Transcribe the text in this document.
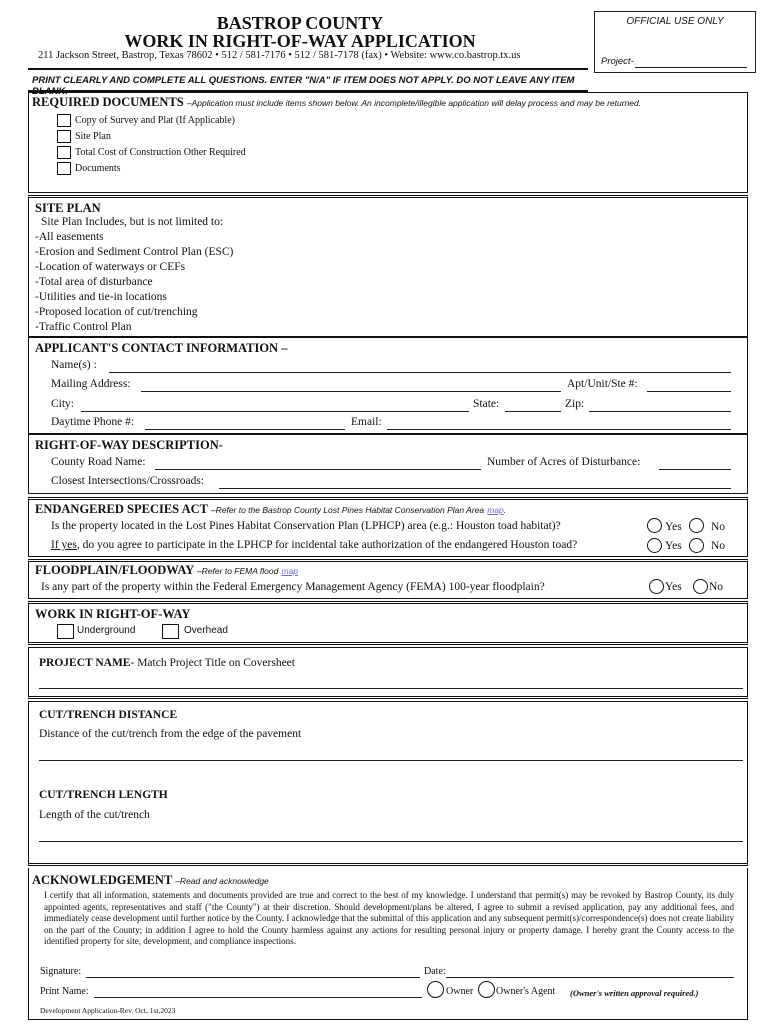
BASTROP COUNTY
WORK IN RIGHT-OF-WAY APPLICATION
211 Jackson Street, Bastrop, Texas 78602 • 512 / 581-7176 • 512 / 581-7178 (fax) • Website: www.co.bastrop.tx.us
OFFICIAL USE ONLY
Project-
PRINT CLEARLY AND COMPLETE ALL QUESTIONS. ENTER "N/A" IF ITEM DOES NOT APPLY. DO NOT LEAVE ANY ITEM BLANK.
REQUIRED DOCUMENTS –Application must include items shown below. An incomplete/illegible application will delay process and may be returned.
Copy of Survey and Plat (If Applicable)
Site Plan
Total Cost of Construction Other Required
Documents
SITE PLAN
Site Plan Includes, but is not limited to:
-All easements
-Erosion and Sediment Control Plan (ESC)
-Location of waterways or CEFs
-Total area of disturbance
-Utilities and tie-in locations
-Proposed location of cut/trenching
-Traffic Control Plan
APPLICANT'S CONTACT INFORMATION –
Name(s) :
Mailing Address:	Apt/Unit/Ste #:
City:	State:	Zip:
Daytime Phone #:	Email:
RIGHT-OF-WAY DESCRIPTION-
County Road Name:	Number of Acres of Disturbance:
Closest Intersections/Crossroads:
ENDANGERED SPECIES ACT –Refer to the Bastrop County Lost Pines Habitat Conservation Plan Area map.
Is the property located in the Lost Pines Habitat Conservation Plan (LPHCP) area (e.g.: Houston toad habitat)?	Yes	No
If yes, do you agree to participate in the LPHCP for incidental take authorization of the endangered Houston toad?	Yes	No
FLOODPLAIN/FLOODWAY –Refer to FEMA flood map
Is any part of the property within the Federal Emergency Management Agency (FEMA) 100-year floodplain?	Yes No
WORK IN RIGHT-OF-WAY
Underground	Overhead
PROJECT NAME- Match Project Title on Coversheet
CUT/TRENCH DISTANCE
Distance of the cut/trench from the edge of the pavement
CUT/TRENCH LENGTH
Length of the cut/trench
ACKNOWLEDGEMENT –Read and acknowledge
I certify that all information, statements and documents provided are true and correct to the best of my knowledge. I understand that permit(s) may be revoked by Bastrop County, its duly appointed agents, representatives and staff ("the County") at their discretion. Should development/plans be altered, I agree to submit a revised application, pay any additional fees, and immediately cease development until further notice by the County. I acknowledge that the submittal of this application and any subsequent permit(s)/correspondence(s) does not create liability on the part of the County; in addition I agree to hold the County harmless against any actions for resulting personal injury or property damage. I hereby grant the County access to the identified property for site, development, and compliance inspections.
Signature:	Date:
Print Name:	Owner Owner's Agent (Owner's written approval required.)
Development Application-Rev. Oct, 1st,2023
